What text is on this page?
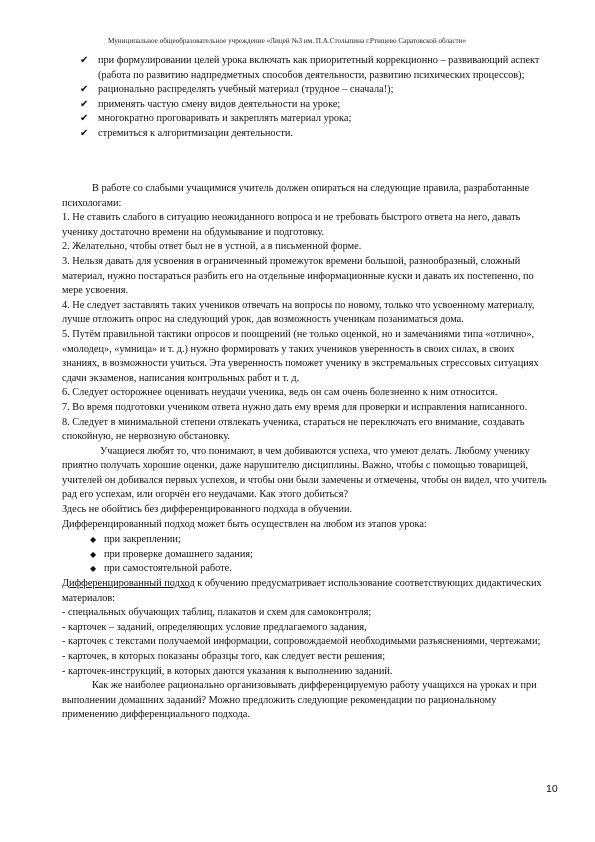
Муниципальное общеобразовательное учреждение «Лицей №3 им. П.А.Столыпина г.Ртищево Саратовской области»
✔ при формулировании целей урока включать как приоритетный коррекционно – развивающий аспект (работа по развитию надпредметных способов деятельности, развитию психических процессов);
✔ рационально распределять учебный материал (трудное – сначала!);
✔ применять частую смену видов деятельности на уроке;
✔ многократно проговаривать и закреплять материал урока;
✔ стремиться к алгоритмизации деятельности.

В работе со слабыми учащимися учитель должен опираться на следующие правила, разработанные психологами:

1. Не ставить слабого в ситуацию неожиданного вопроса и не требовать быстрого ответа на него, давать ученику достаточно времени на обдумывание и подготовку.

2. Желательно, чтобы ответ был не в устной, а в письменной форме.

3. Нельзя давать для усвоения в ограниченный промежуток времени большой, разнообразный, сложный материал, нужно постараться разбить его на отдельные информационные куски и давать их постепенно, по мере усвоения.

4. Не следует заставлять таких учеников отвечать на вопросы по новому, только что усвоенному материалу, лучше отложить опрос на следующий урок, дав возможность ученикам позаниматься дома.

5. Путём правильной тактики опросов и поощрений (не только оценкой, но и замечаниями типа «отлично», «молодец», «умница» и т. д.) нужно формировать у таких учеников уверенность в своих силах, в своих знаниях, в возможности учиться. Эта уверенность поможет ученику в экстремальных стрессовых ситуациях сдачи экзаменов, написания контрольных работ и т. д.

6. Следует осторожнее оценивать неудачи ученика, ведь он сам очень болезненно к ним относится.

7. Во время подготовки учеником ответа нужно дать ему время для проверки и исправления написанного.

8. Следует в минимальной степени отвлекать ученика, стараться не переключать его внимание, создавать спокойную, не нервозную обстановку.

Учащиеся любят то, что понимают, в чем добиваются успеха, что умеют делать. Любому ученику приятно получать хорошие оценки, даже нарушителю дисциплины. Важно, чтобы с помощью товарищей, учителей он добивался первых успехов, и чтобы они были замечены и отмечены, чтобы он видел, что учитель рад его успехам, или огорчён его неудачами. Как этого добиться?

Здесь не обойтись без дифференцированного подхода в обучении.

Дифференцированный подход может быть осуществлен на любом из этапов урока:

◆ при закреплении;
◆ при проверке домашнего задания;
◆ при самостоятельной работе.

Дифференцированный подход к обучению предусматривает использование соответствующих дидактических материалов:

- специальных обучающих таблиц, плакатов и схем для самоконтроля;

- карточек – заданий, определяющих условие предлагаемого задания,

- карточек с текстами получаемой информации, сопровождаемой необходимыми разъяснениями, чертежами;

- карточек, в которых показаны образцы того, как следует вести решения;

- карточек-инструкций, в которых даются указания к выполнению заданий.

Как же наиболее рационально организовывать дифференцируемую работу учащихся на уроках и при выполнении домашних заданий? Можно предложить следующие рекомендации по рациональному применению дифференциального подхода.

10
